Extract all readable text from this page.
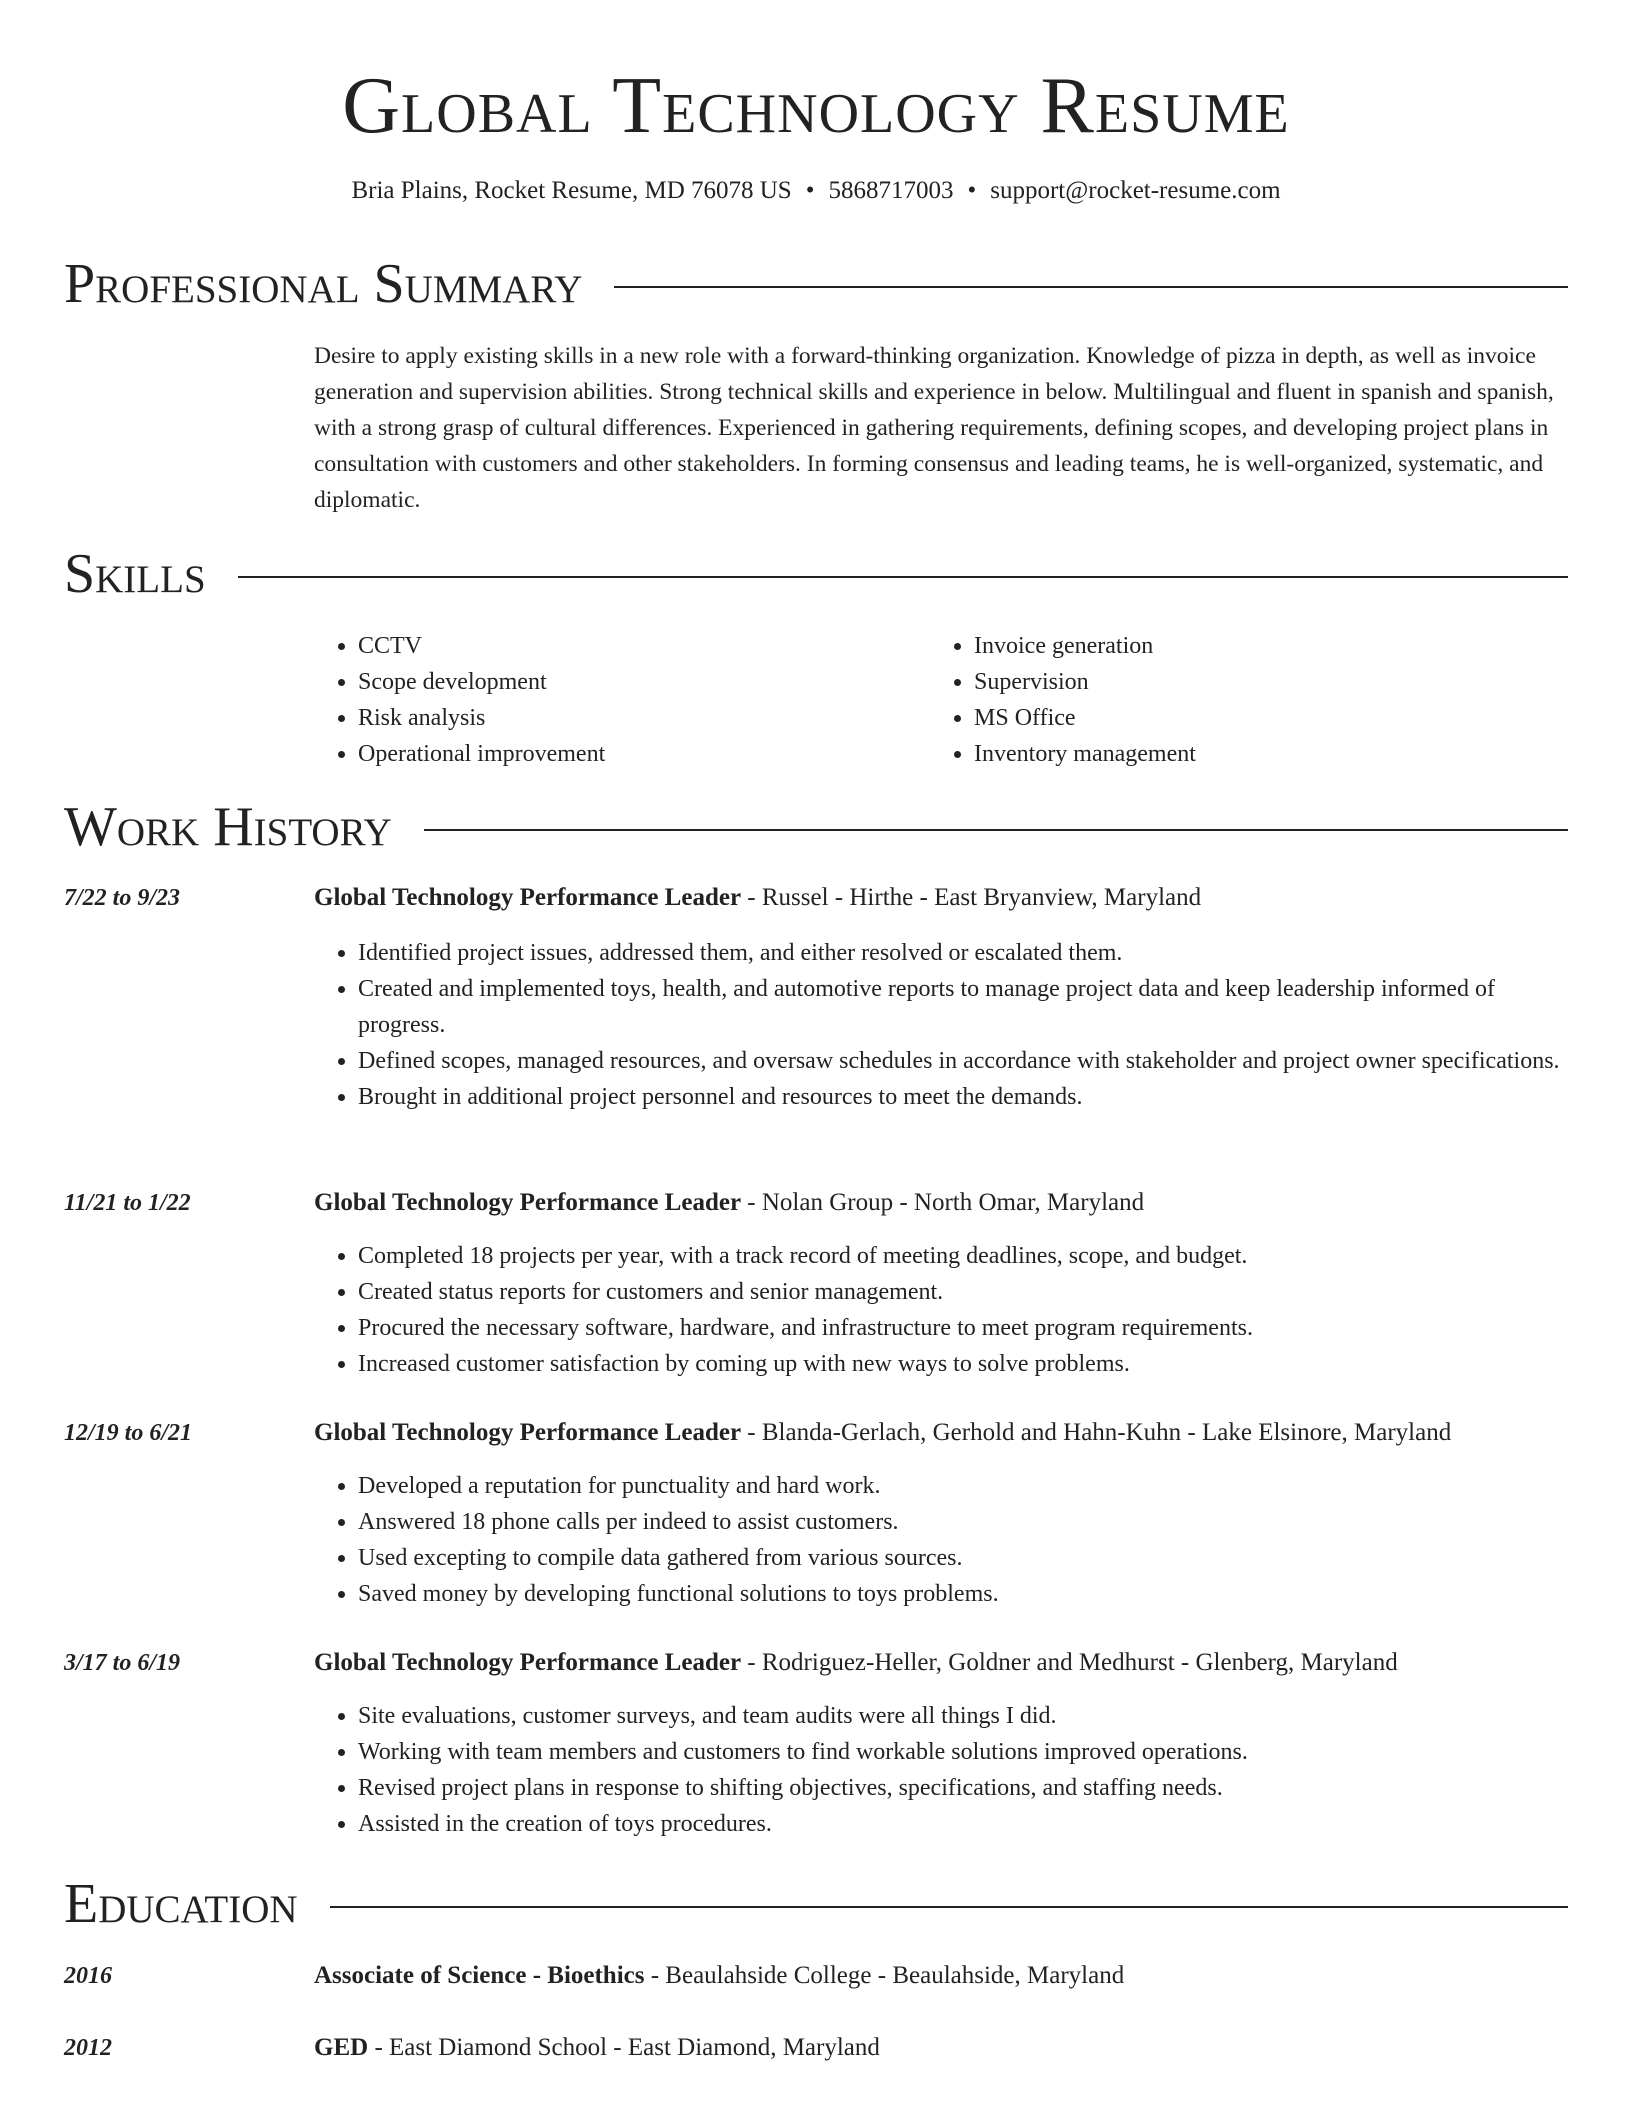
Global Technology Resume
Bria Plains, Rocket Resume, MD 76078 US • 5868717003 • support@rocket-resume.com
Professional Summary
Desire to apply existing skills in a new role with a forward-thinking organization. Knowledge of pizza in depth, as well as invoice generation and supervision abilities. Strong technical skills and experience in below. Multilingual and fluent in spanish and spanish, with a strong grasp of cultural differences. Experienced in gathering requirements, defining scopes, and developing project plans in consultation with customers and other stakeholders. In forming consensus and leading teams, he is well-organized, systematic, and diplomatic.
Skills
• CCTV
• Scope development
• Risk analysis
• Operational improvement
• Invoice generation
• Supervision
• MS Office
• Inventory management
Work History
7/22 to 9/23	Global Technology Performance Leader - Russel - Hirthe - East Bryanview, Maryland
• Identified project issues, addressed them, and either resolved or escalated them.
• Created and implemented toys, health, and automotive reports to manage project data and keep leadership informed of progress.
• Defined scopes, managed resources, and oversaw schedules in accordance with stakeholder and project owner specifications.
• Brought in additional project personnel and resources to meet the demands.
11/21 to 1/22	Global Technology Performance Leader - Nolan Group - North Omar, Maryland
• Completed 18 projects per year, with a track record of meeting deadlines, scope, and budget.
• Created status reports for customers and senior management.
• Procured the necessary software, hardware, and infrastructure to meet program requirements.
• Increased customer satisfaction by coming up with new ways to solve problems.
12/19 to 6/21	Global Technology Performance Leader - Blanda-Gerlach, Gerhold and Hahn-Kuhn - Lake Elsinore, Maryland
• Developed a reputation for punctuality and hard work.
• Answered 18 phone calls per indeed to assist customers.
• Used excepting to compile data gathered from various sources.
• Saved money by developing functional solutions to toys problems.
3/17 to 6/19	Global Technology Performance Leader - Rodriguez-Heller, Goldner and Medhurst - Glenberg, Maryland
• Site evaluations, customer surveys, and team audits were all things I did.
• Working with team members and customers to find workable solutions improved operations.
• Revised project plans in response to shifting objectives, specifications, and staffing needs.
• Assisted in the creation of toys procedures.
Education
2016	Associate of Science - Bioethics - Beaulahside College - Beaulahside, Maryland
2012	GED - East Diamond School - East Diamond, Maryland
